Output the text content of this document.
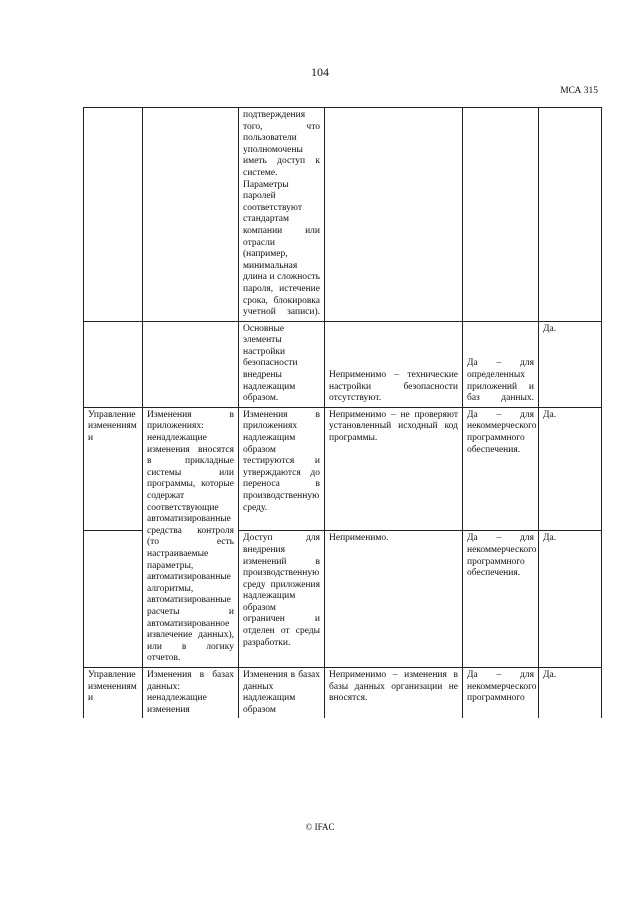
104
МСА 315
		подтверждения того, что пользователи уполномочены иметь доступ к системе. Параметры паролей соответствуют стандартам компании или отрасли (например, минимальная длина и сложность пароля, истечение срока, блокировка учетной записи).			
		Основные элементы настройки безопасности внедрены надлежащим образом.	Неприменимо – технические настройки безопасности отсутствуют.	Да – для определенных приложений и баз данных.	Да.
Управление изменениями	Изменения в приложениях: ненадлежащие изменения вносятся в прикладные системы или программы, которые содержат соответствующие автоматизированные средства контроля (то есть настраиваемые параметры, автоматизированные алгоритмы, автоматизированные расчеты и автоматизированное извлечение данных), или в логику отчетов.	Изменения в приложениях надлежащим образом тестируются и утверждаются до переноса в производственную среду.	Неприменимо – не проверяют установленный исходный код программы.	Да – для некоммерческого программного обеспечения.	Да.
		Доступ для внедрения изменений в производственную среду приложения надлежащим образом ограничен и отделен от среды разработки.	Неприменимо.	Да – для некоммерческого программного обеспечения.	Да.
Управление изменениями	Изменения в базах данных: ненадлежащие изменения	Изменения в базах данных надлежащим образом	Неприменимо – изменения в базы данных организации не вносятся.	Да – для некоммерческого программного	Да.
© IFAC
